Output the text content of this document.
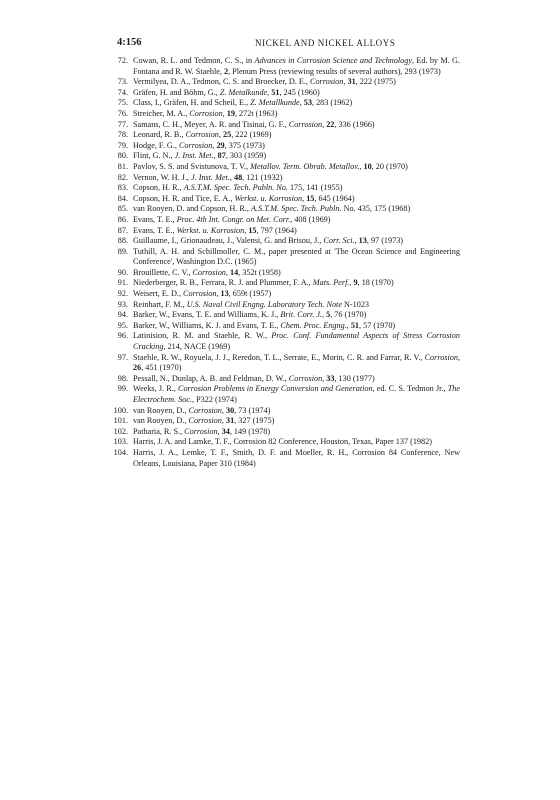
4:156	NICKEL AND NICKEL ALLOYS
72. Cowan, R. L. and Tedmon, C. S., in Advances in Corrosion Science and Technology, Ed. by M. G. Fontana and R. W. Staehle, 2, Plenum Press (reviewing results of several authors), 293 (1973)
73. Vermilyea, D. A., Tedmon, C. S. and Broecker, D. E., Corrosion, 31, 222 (1975)
74. Gräfen, H. and Böhm, G., Z. Metalkunde, 51, 245 (1960)
75. Class, I., Gräfen, H. and Scheil, E., Z. Metallkunde, 53, 283 (1962)
76. Streicher, M. A., Corrosion, 19, 272t (1963)
77. Samans, C. H., Meyer, A. R. and Tisinai, G. F., Corrosion, 22, 336 (1966)
78. Leonard, R. B., Corrosion, 25, 222 (1969)
79. Hodge, F. G., Corrosion, 29, 375 (1973)
80. Flint, G. N., J. Inst. Met., 87, 303 (1959)
81. Pavlov, S. S. and Svistunova, T. V., Metallov. Term. Obrab. Metallov., 10, 20 (1970)
82. Vernon, W. H. J., J. Inst. Met., 48, 121 (1932)
83. Copson, H. R., A.S.T.M. Spec. Tech. Publn. No. 175, 141 (1955)
84. Copson, H. R. and Tice, E. A., Werkst. u. Korrosion, 15, 645 (1964)
85. van Rooyen, D. and Copson, H. R., A.S.T.M. Spec. Tech. Publn. No. 435, 175 (1968)
86. Evans, T. E., Proc. 4th Int. Congr. on Met. Corr., 408 (1969)
87. Evans, T. E., Werkst. u. Korrosion, 15, 797 (1964)
88. Guillaume, I., Grionaudeau, J., Valensi, G. and Brisou, J., Corr. Sci., 13, 97 (1973)
89. Tuthill, A. H. and Schillmoller, C. M., paper presented at 'The Ocean Science and Engineering Conference', Washington D.C. (1965)
90. Brouillette, C. V., Corrosion, 14, 352t (1958)
91. Niederberger, R. B., Ferrara, R. J. and Plummer, F. A., Mats. Perf., 9, 18 (1970)
92. Weisert, E. D., Corrosion, 13, 659t (1957)
93. Reinhart, F. M., U.S. Naval Civil Engng. Laboratory Tech. Note N-1023
94. Barker, W., Evans, T. E. and Williams, K. J., Brit. Corr. J., 5, 76 (1970)
95. Barker, W., Williams, K. J. and Evans, T. E., Chem. Proc. Engng., 51, 57 (1970)
96. Latinision, R. M. and Staehle, R. W., Proc. Conf. Fundamental Aspects of Stress Corrosion Cracking, 214, NACE (1969)
97. Staehle, R. W., Royuela, J. J., Reredon, T. L., Serrate, E., Morin, C. R. and Farrar, R. V., Corrosion, 26, 451 (1970)
98. Pessall, N., Dunlap, A. B. and Feldman, D. W., Corrosion, 33, 130 (1977)
99. Weeks, J. R., Corrosion Problems in Energy Conversion and Generation, ed. C. S. Tedmon Jr., The Electrochem. Soc., P322 (1974)
100. van Rooyen, D., Corrosion, 30, 73 (1974)
101. van Rooyen, D., Corrosion, 31, 327 (1975)
102. Patharia, R. S., Corrosion, 34, 149 (1978)
103. Harris, J. A. and Lamke, T. F., Corrosion 82 Conference, Houston, Texas, Paper 137 (1982)
104. Harris, J. A., Lemke, T. F., Smith, D. F. and Moeller, R. H., Corrosion 84 Conference, New Orleans, Louisiana, Paper 310 (1984)
